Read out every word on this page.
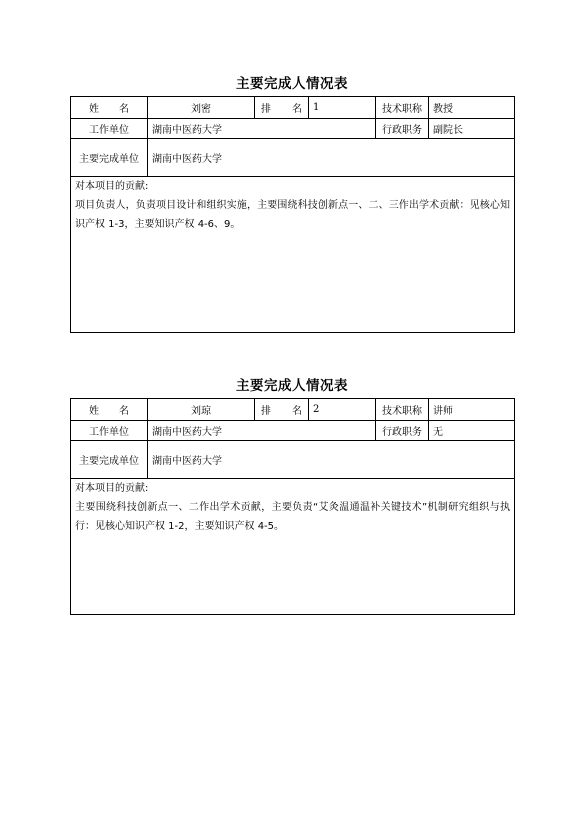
主要完成人情况表
姓 名	刘密	排 名	1	技术职称	教授
工作单位	湖南中医药大学			行政职务	副院长
主要完成单位	湖南中医药大学				

对本项目的贡献:
项目负责人，负责项目设计和组织实施，主要围绕科技创新点一、二、三作出学术贡献：见核心知识产权 1-3，主要知识产权 4-6、9。					
主要完成人情况表
姓 名	刘琼	排 名	2	技术职称	讲师
工作单位	湖南中医药大学			行政职务	无
主要完成单位	湖南中医药大学				

对本项目的贡献:
主要围绕科技创新点一、二作出学术贡献，主要负责“艾灸温通温补关键技术”机制研究组织与执行：见核心知识产权 1-2，主要知识产权 4-5。					
